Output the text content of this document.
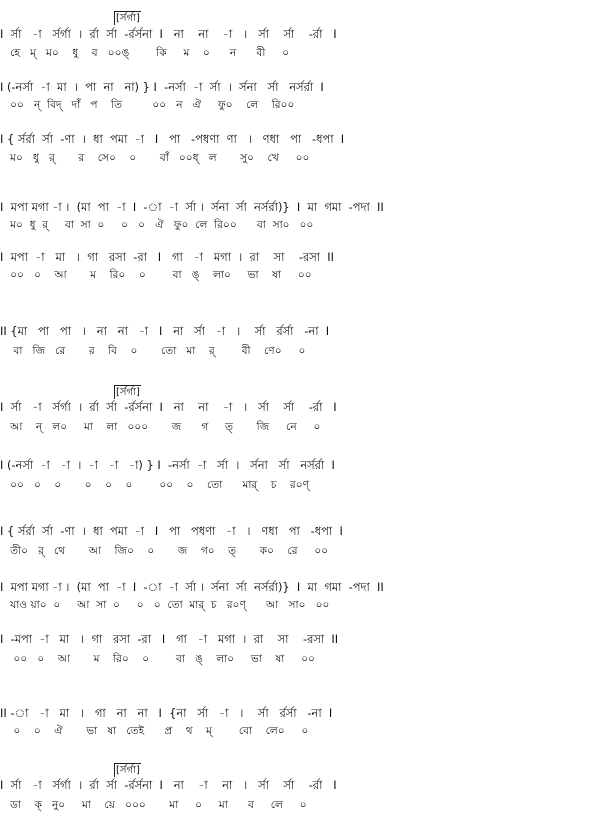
I  র্সা   -া   র্সর্গা  ।  র্রা  র্সা  -র্রর্সনা  I   না    না    -া   ।   র্সা    র্সা    -র্রা   I
হে   ম্   ম০    ধু    ব   ০০ঙ্        কি     ম    ০      ন      বী     ০
I (-নর্সা  -া  মা  ।  পা  না   না) } I  -নর্সা  -া  র্সা  ।  র্সনা   র্সা   নর্সর্রা  I
০০   ন্  বিদ্   দাঁ   প    তি         ০০   ন   ঐ     ফু০    লে    রি০০
I { র্সর্রা  র্সা  -ণা  ।  ধা  পমা  -া   I   পা   -পধণা  ণা   ।   ণধা   পা   -ধপা  I
ম০   ধু   র্       র    সে০    ০       বাঁ   ০০ধ্   ল       সু০    খে     ০০
I  মপা মগা -া ।  (মা  পা  -া  I  -া  -া  র্সা ।  র্সনা  র্সা  নর্সর্রা)}  I  মা  গমা  -পদা  II
ম০  ধু  র্     বা  সা  ০     ০   ০   ঐ   ফু০  লে  রি০০      বা  সা০   ০০
I  মপা  -া   মা   ।  গা   রসা  -রা   I   গা   -া   মগা  ।  রা    সা    -রসা  II
০০   ০    আ       ম    রি০    ০        বা   ঙ্    লা০     ভা    ষা     ০০
II {মা   পা   পা   ।   না   না   -া   I   না   র্সা   -া   ।    র্সা   র্রর্সা   -না  I
বা   জি   রে       র    বি    ০       তো   মা    র্        বী    ণে০     ০
I  র্সা   -া   র্সর্গা  ।  র্রা  র্সা  -র্রর্সনা  I   না    না    -া   ।   র্সা    র্সা    -র্রা   I
আ    ন্   ল০     মা    লা   ০০০       জ      গ     ত্       জি     নে     ০
I (-নর্সা  -া   -া  ।  -া   -া   -া) } I  -নর্সা  -া   র্সা  ।   র্সনা   র্সা   নর্সর্রা  I
০০   ০    ০       ০    ০    ০        ০০    ০    তো      মার্    চ    র০ণ্
I { র্সর্রা  র্সা  -ণা  ।  ধা  পমা  -া   I   পা   পধণা   -া   ।   ণধা   পা   -ধপা  I
তী০   র্   থে       আ    জি০    ০       জ    গ০    ত্       ক০    রে     ০০
I  মপা মগা -া ।  (মা  পা  -া  I  -া  -া  র্সা ।  র্সনা  র্সা  নর্সর্রা)}  I  মা  গমা  -পদা  II
যাও য়া০  ০     আ  সা  ০     ০   ০  তো  মার্  চ   র০ণ্      আ   সা০   ০০
I  -মপা  -া   মা   ।  গা   রসা  -রা   I   গা   -া   মগা  ।  রা    সা    -রসা  II
০০   ০    আ       ম    রি০    ০        বা   ঙ্    লা০     ভা    ষা     ০০
II -া   -া   মা   ।   গা   না   না   I  {না   র্সা   -া   ।    র্সা   র্রর্সা   -না  I
০    ০    ঐ       ভা   ষা   তেই      প্র    থ    ম্        বো    লে০     ০
I  র্সা   -া   র্সর্গা  ।  র্রা  র্সা  -র্রর্সনা  I   না    -া    না   ।   র্সা    র্সা    -র্রা   I
ডা    ক্   নু০     মা    য়ে   ০০০       মা     ০     মা      ব     লে     ০
[র্সর্গা]
[র্সর্গা]
[র্সর্গা]
